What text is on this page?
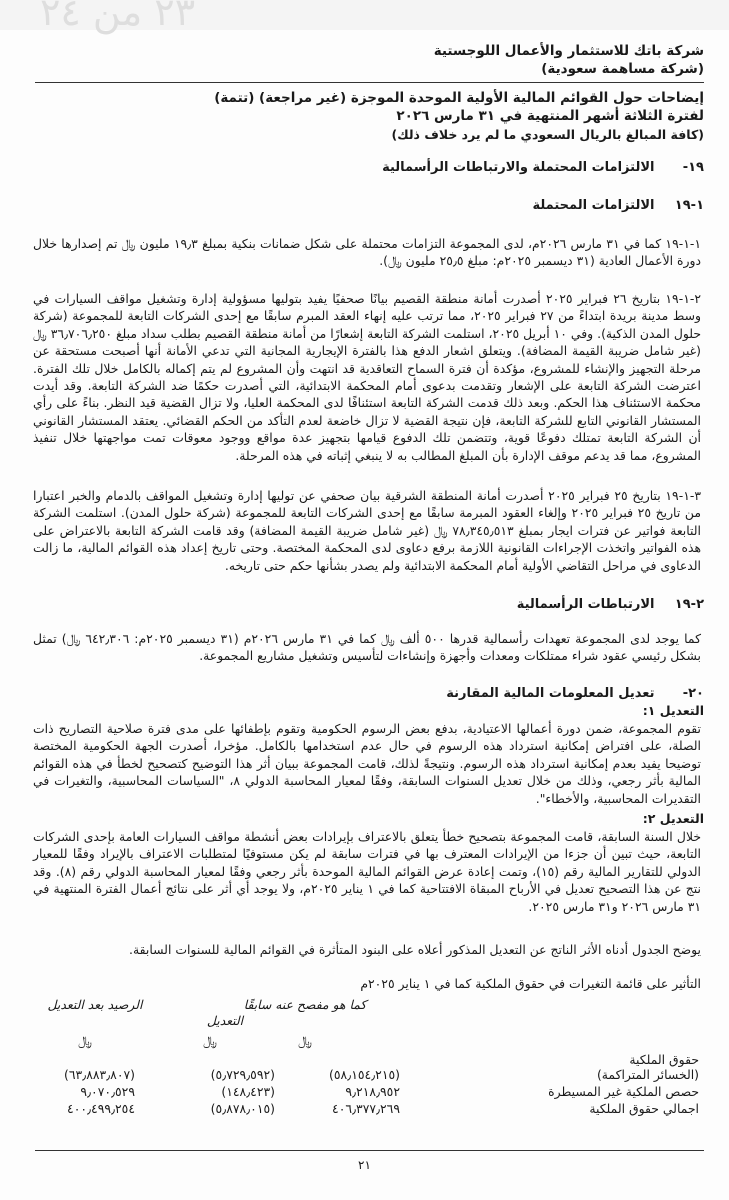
٢٣ من ٢٤
شركة باتك للاستثمار والأعمال اللوجستية
(شركة مساهمة سعودية)
إيضاحات حول القوائم المالية الأولية الموحدة الموجزة (غير مراجعة) (تتمة)
لفترة الثلاثة أشهر المنتهية في ٣١ مارس ٢٠٢٦
(كافة المبالغ بالريال السعودي ما لم يرد خلاف ذلك)
١٩- الالتزامات المحتملة والارتباطات الرأسمالية
١-١٩ الالتزامات المحتملة
١-١-١٩ كما في ٣١ مارس ٢٠٢٦م، لدى المجموعة التزامات محتملة على شكل ضمانات بنكية بمبلغ ١٩٫٣ مليون ﷼ تم إصدارها خلال دورة الأعمال العادية (٣١ ديسمبر ٢٠٢٥م: مبلغ ٢٥٫٥ مليون ﷼).
٢-١-١٩ بتاريخ ٢٦ فبراير ٢٠٢٥ أصدرت أمانة منطقة القصيم بيانًا صحفيًا يفيد بتوليها مسؤولية إدارة وتشغيل مواقف السيارات في وسط مدينة بريدة ابتداءً من ٢٧ فبراير ٢٠٢٥، مما ترتب عليه إنهاء العقد المبرم سابقًا مع إحدى الشركات التابعة للمجموعة (شركة حلول المدن الذكية). وفي ١٠ أبريل ٢٠٢٥، استلمت الشركة التابعة إشعارًا من أمانة منطقة القصيم بطلب سداد مبلغ ٣٦٫٧٠٦٫٢٥٠ ﷼ (غير شامل ضريبة القيمة المضافة). ويتعلق اشعار الدفع هذا بالفترة الإيجارية المجانية التي تدعي الأمانة أنها أصبحت مستحقة عن مرحلة التجهيز والإنشاء للمشروع، مؤكدة أن فترة السماح التعاقدية قد انتهت وأن المشروع لم يتم إكماله بالكامل خلال تلك الفترة. اعترضت الشركة التابعة على الإشعار وتقدمت بدعوى أمام المحكمة الابتدائية، التي أصدرت حكمًا ضد الشركة التابعة. وقد أيدت محكمة الاستئناف هذا الحكم. وبعد ذلك قدمت الشركة التابعة استئنافًا لدى المحكمة العليا، ولا تزال القضية قيد النظر. بناءً على رأي المستشار القانوني التابع للشركة التابعة، فإن نتيجة القضية لا تزال خاضعة لعدم التأكد من الحكم القضائي. يعتقد المستشار القانوني أن الشركة التابعة تمتلك دفوعًا قوية، وتتضمن تلك الدفوع قيامها بتجهيز عدة مواقع ووجود معوقات تمت مواجهتها خلال تنفيذ المشروع، مما قد يدعم موقف الإدارة بأن المبلغ المطالب به لا ينبغي إثباته في هذه المرحلة.
٣-١-١٩ بتاريخ ٢٥ فبراير ٢٠٢٥ أصدرت أمانة المنطقة الشرقية بيان صحفي عن توليها إدارة وتشغيل المواقف بالدمام والخبر اعتبارا من تاريخ ٢٥ فبراير ٢٠٢٥ وإلغاء العقود المبرمة سابقًا مع إحدى الشركات التابعة للمجموعة (شركة حلول المدن). استلمت الشركة التابعة فواتير عن فترات ايجار بمبلغ ٧٨٫٣٤٥٫٥١٣ ﷼ (غير شامل ضريبة القيمة المضافة) وقد قامت الشركة التابعة بالاعتراض على هذه الفواتير واتخذت الإجراءات القانونية اللازمة برفع دعاوى لدى المحكمة المختصة. وحتى تاريخ إعداد هذه القوائم المالية، ما زالت الدعاوى في مراحل التقاضي الأولية أمام المحكمة الابتدائية ولم يصدر بشأنها حكم حتى تاريخه.
٢-١٩ الارتباطات الرأسمالية
كما يوجد لدى المجموعة تعهدات رأسمالية قدرها ٥٠٠ ألف ﷼ كما في ٣١ مارس ٢٠٢٦م (٣١ ديسمبر ٢٠٢٥م: ٦٤٢٫٣٠٦ ﷼) تمثل بشكل رئيسي عقود شراء ممتلكات ومعدات وأجهزة وإنشاءات لتأسيس وتشغيل مشاريع المجموعة.
٢٠- تعديل المعلومات المالية المقارنة
التعديل ١:
تقوم المجموعة، ضمن دورة أعمالها الاعتيادية، بدفع بعض الرسوم الحكومية وتقوم بإطفائها على مدى فترة صلاحية التصاريح ذات الصلة، على افتراض إمكانية استرداد هذه الرسوم في حال عدم استخدامها بالكامل. مؤخرا، أصدرت الجهة الحكومية المختصة توضيحا يفيد بعدم إمكانية استرداد هذه الرسوم. ونتيجةً لذلك، قامت المجموعة ببيان أثر هذا التوضيح كتصحيح لخطأ في هذه القوائم المالية بأثر رجعي، وذلك من خلال تعديل السنوات السابقة، وفقًا لمعيار المحاسبة الدولي ٨، "السياسات المحاسبية، والتغيرات في التقديرات المحاسبية، والأخطاء".
التعديل ٢:
خلال السنة السابقة، قامت المجموعة بتصحيح خطأ يتعلق بالاعتراف بإيرادات بعض أنشطة مواقف السيارات العامة بإحدى الشركات التابعة، حيث تبين أن جزءا من الإيرادات المعترف بها في فترات سابقة لم يكن مستوفيًا لمتطلبات الاعتراف بالإيراد وفقًا للمعيار الدولي للتقارير المالية رقم (١٥)، وتمت إعادة عرض القوائم المالية الموحدة بأثر رجعي وفقًا لمعيار المحاسبة الدولي رقم (٨). وقد نتج عن هذا التصحيح تعديل في الأرباح المبقاة الافتتاحية كما في ١ يناير ٢٠٢٥م، ولا يوجد أي أثر على نتائج أعمال الفترة المنتهية في ٣١ مارس ٢٠٢٦ و٣١ مارس ٢٠٢٥.
يوضح الجدول أدناه الأثر الناتج عن التعديل المذكور أعلاه على البنود المتأثرة في القوائم المالية للسنوات السابقة.
التأثير على قائمة التغيرات في حقوق الملكية كما في ١ يناير ٢٠٢٥م
كما هو مفصح عنه سابقًا
التعديل
الرصيد بعد التعديل
﷼
﷼
﷼
حقوق الملكية
(الخسائر المتراكمة)
(٥٨٫١٥٤٫٢١٥)
(٥٫٧٢٩٫٥٩٢)
(٦٣٫٨٨٣٫٨٠٧)
حصص الملكية غير المسيطرة
٩٫٢١٨٫٩٥٢
(١٤٨٫٤٢٣)
٩٫٠٧٠٫٥٢٩
اجمالي حقوق الملكية
٤٠٦٫٣٧٧٫٢٦٩
(٥٫٨٧٨٫٠١٥)
٤٠٠٫٤٩٩٫٢٥٤
٢١
